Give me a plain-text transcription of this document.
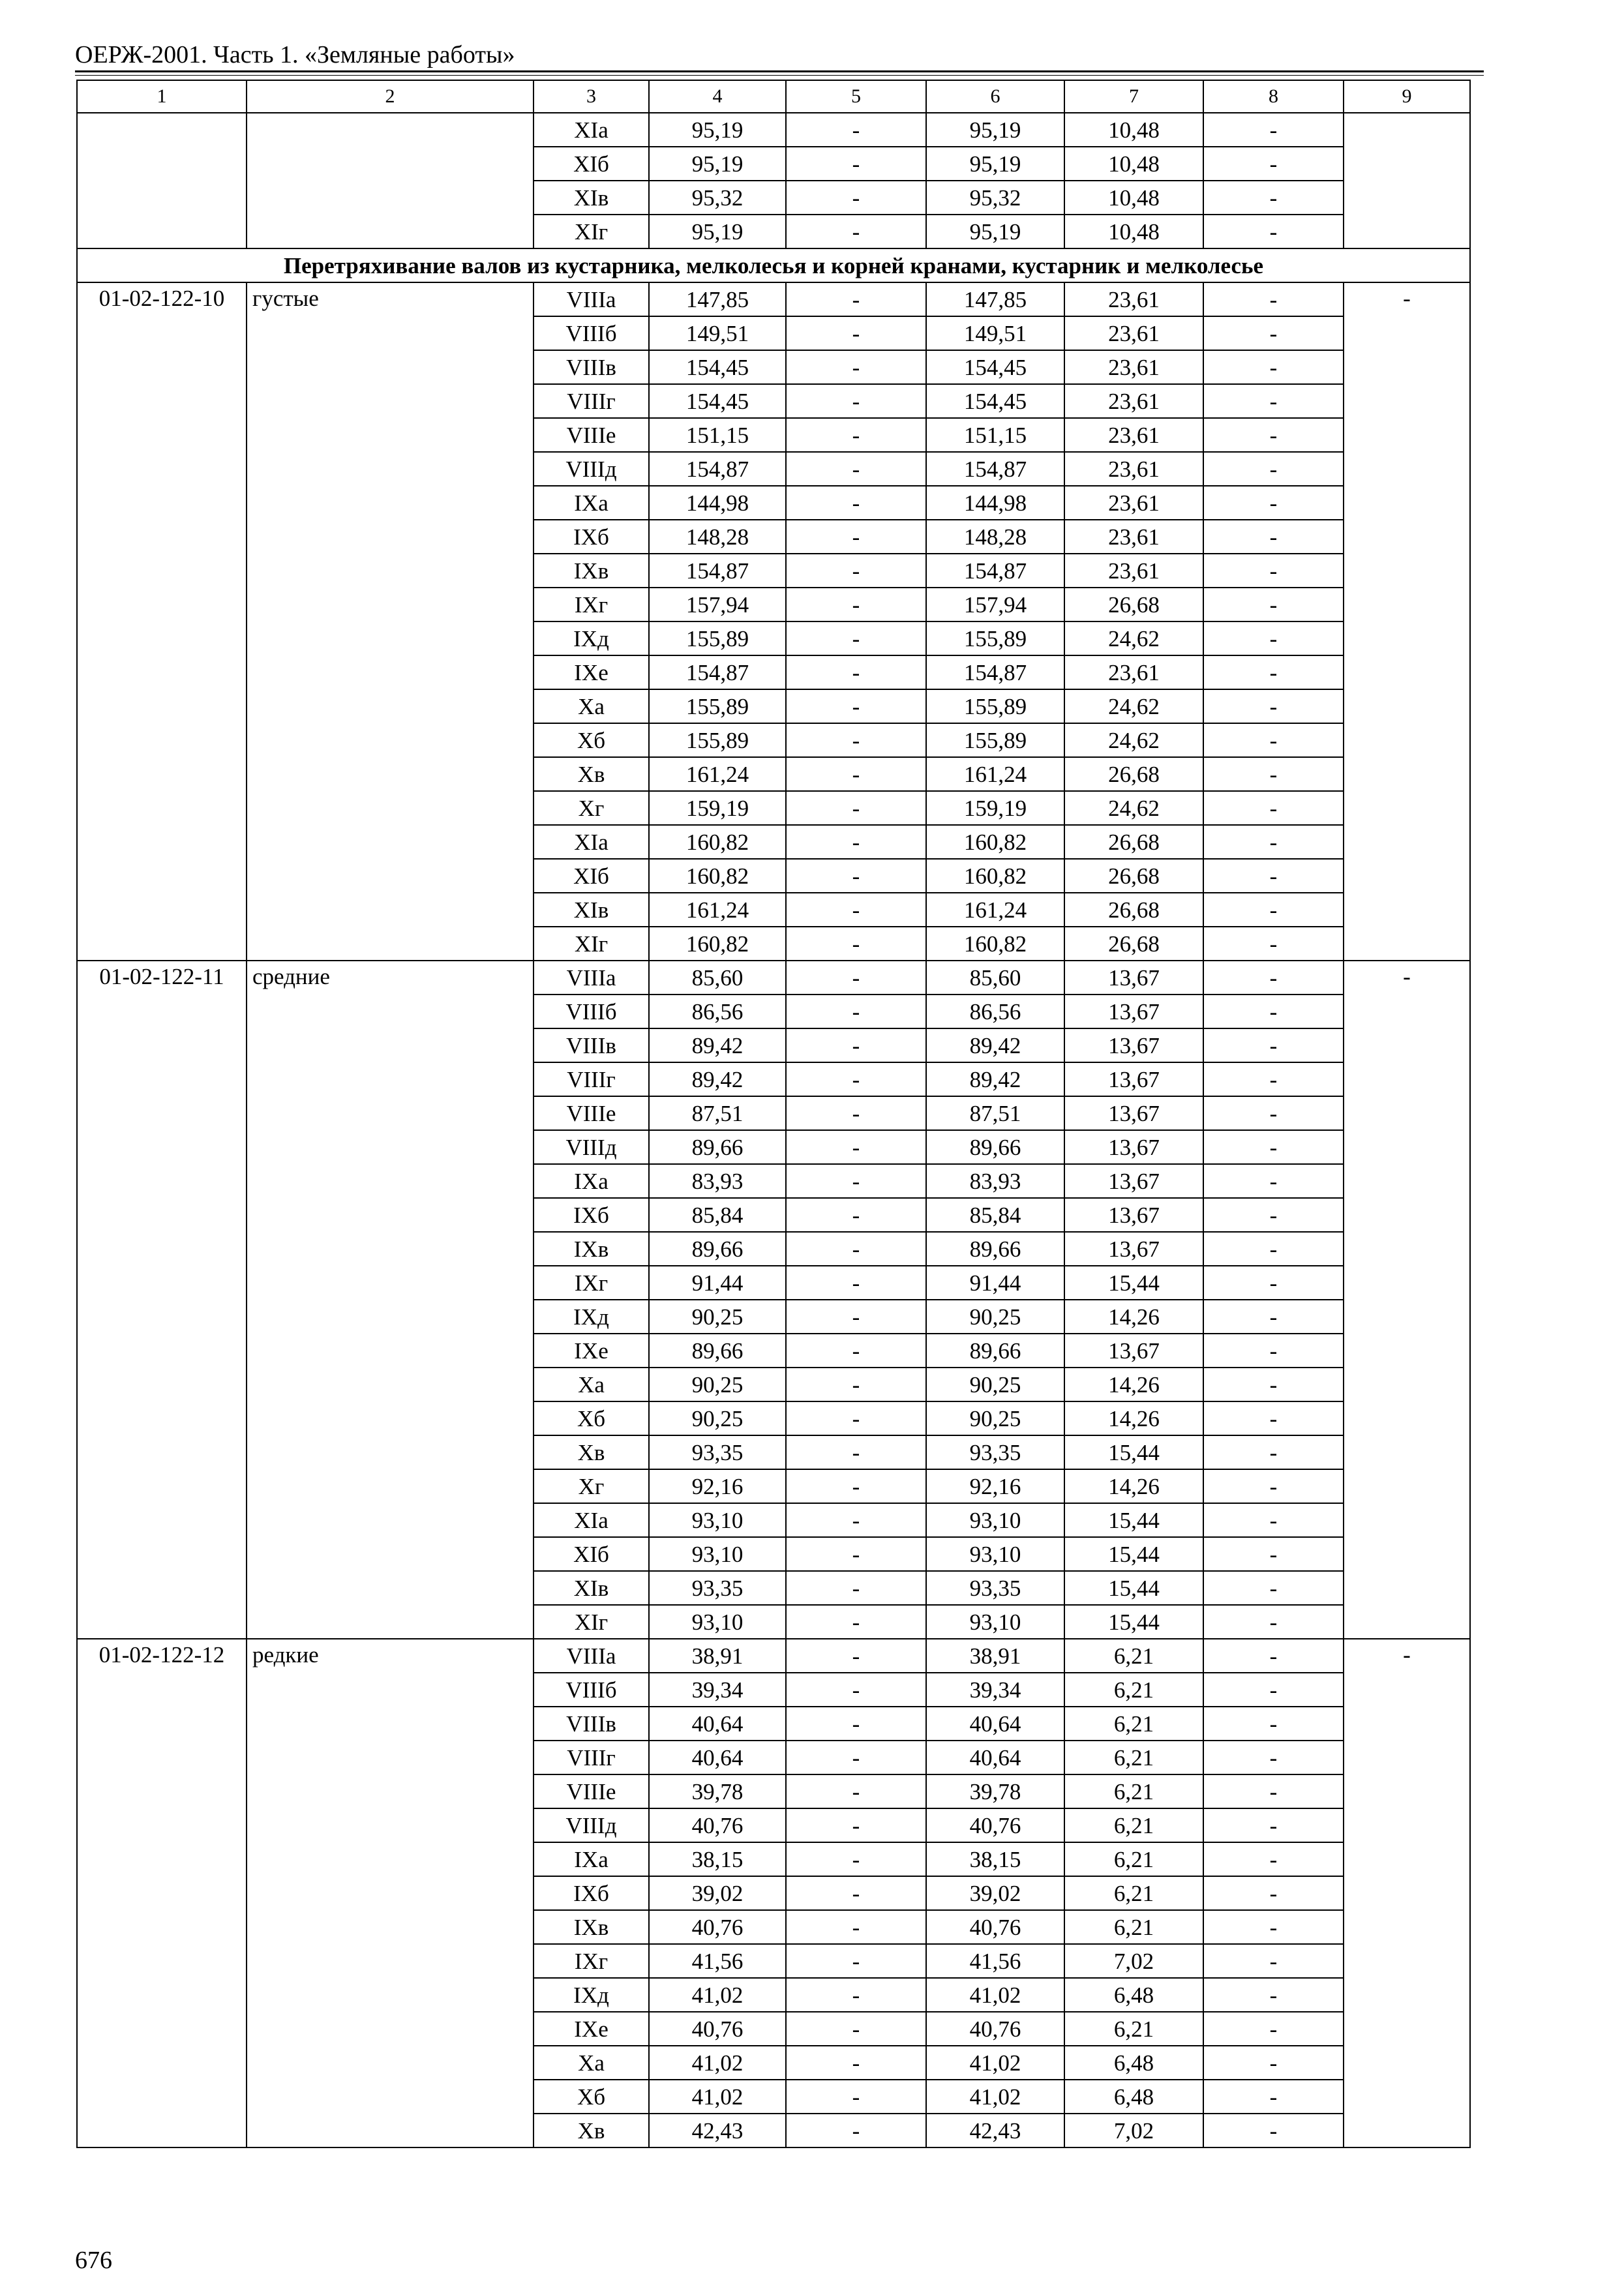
ОЕРЖ-2001. Часть 1. «Земляные работы»
1	2	3	4	5	6	7	8	9
		XIа	95,19	-	95,19	10,48	-	
		XIб	95,19	-	95,19	10,48	-	
		XIв	95,32	-	95,32	10,48	-	
		XIг	95,19	-	95,19	10,48	-	
Перетряхивание валов из кустарника, мелколесья и корней кранами, кустарник и мелколесье								
01-02-122-10	густые	VIIIа	147,85	-	147,85	23,61	-	-
		VIIIб	149,51	-	149,51	23,61	-	
		VIIIв	154,45	-	154,45	23,61	-	
		VIIIг	154,45	-	154,45	23,61	-	
		VIIIе	151,15	-	151,15	23,61	-	
		VIIIд	154,87	-	154,87	23,61	-	
		IXа	144,98	-	144,98	23,61	-	
		IXб	148,28	-	148,28	23,61	-	
		IXв	154,87	-	154,87	23,61	-	
		IXг	157,94	-	157,94	26,68	-	
		IXд	155,89	-	155,89	24,62	-	
		IXе	154,87	-	154,87	23,61	-	
		Xа	155,89	-	155,89	24,62	-	
		Xб	155,89	-	155,89	24,62	-	
		Xв	161,24	-	161,24	26,68	-	
		Xг	159,19	-	159,19	24,62	-	
		XIа	160,82	-	160,82	26,68	-	
		XIб	160,82	-	160,82	26,68	-	
		XIв	161,24	-	161,24	26,68	-	
		XIг	160,82	-	160,82	26,68	-	
01-02-122-11	средние	VIIIа	85,60	-	85,60	13,67	-	-
		VIIIб	86,56	-	86,56	13,67	-	
		VIIIв	89,42	-	89,42	13,67	-	
		VIIIг	89,42	-	89,42	13,67	-	
		VIIIе	87,51	-	87,51	13,67	-	
		VIIIд	89,66	-	89,66	13,67	-	
		IXа	83,93	-	83,93	13,67	-	
		IXб	85,84	-	85,84	13,67	-	
		IXв	89,66	-	89,66	13,67	-	
		IXг	91,44	-	91,44	15,44	-	
		IXд	90,25	-	90,25	14,26	-	
		IXе	89,66	-	89,66	13,67	-	
		Xа	90,25	-	90,25	14,26	-	
		Xб	90,25	-	90,25	14,26	-	
		Xв	93,35	-	93,35	15,44	-	
		Xг	92,16	-	92,16	14,26	-	
		XIа	93,10	-	93,10	15,44	-	
		XIб	93,10	-	93,10	15,44	-	
		XIв	93,35	-	93,35	15,44	-	
		XIг	93,10	-	93,10	15,44	-	
01-02-122-12	редкие	VIIIа	38,91	-	38,91	6,21	-	-
		VIIIб	39,34	-	39,34	6,21	-	
		VIIIв	40,64	-	40,64	6,21	-	
		VIIIг	40,64	-	40,64	6,21	-	
		VIIIе	39,78	-	39,78	6,21	-	
		VIIIд	40,76	-	40,76	6,21	-	
		IXа	38,15	-	38,15	6,21	-	
		IXб	39,02	-	39,02	6,21	-	
		IXв	40,76	-	40,76	6,21	-	
		IXг	41,56	-	41,56	7,02	-	
		IXд	41,02	-	41,02	6,48	-	
		IXе	40,76	-	40,76	6,21	-	
		Xа	41,02	-	41,02	6,48	-	
		Xб	41,02	-	41,02	6,48	-	
		Xв	42,43	-	42,43	7,02	-	
676
